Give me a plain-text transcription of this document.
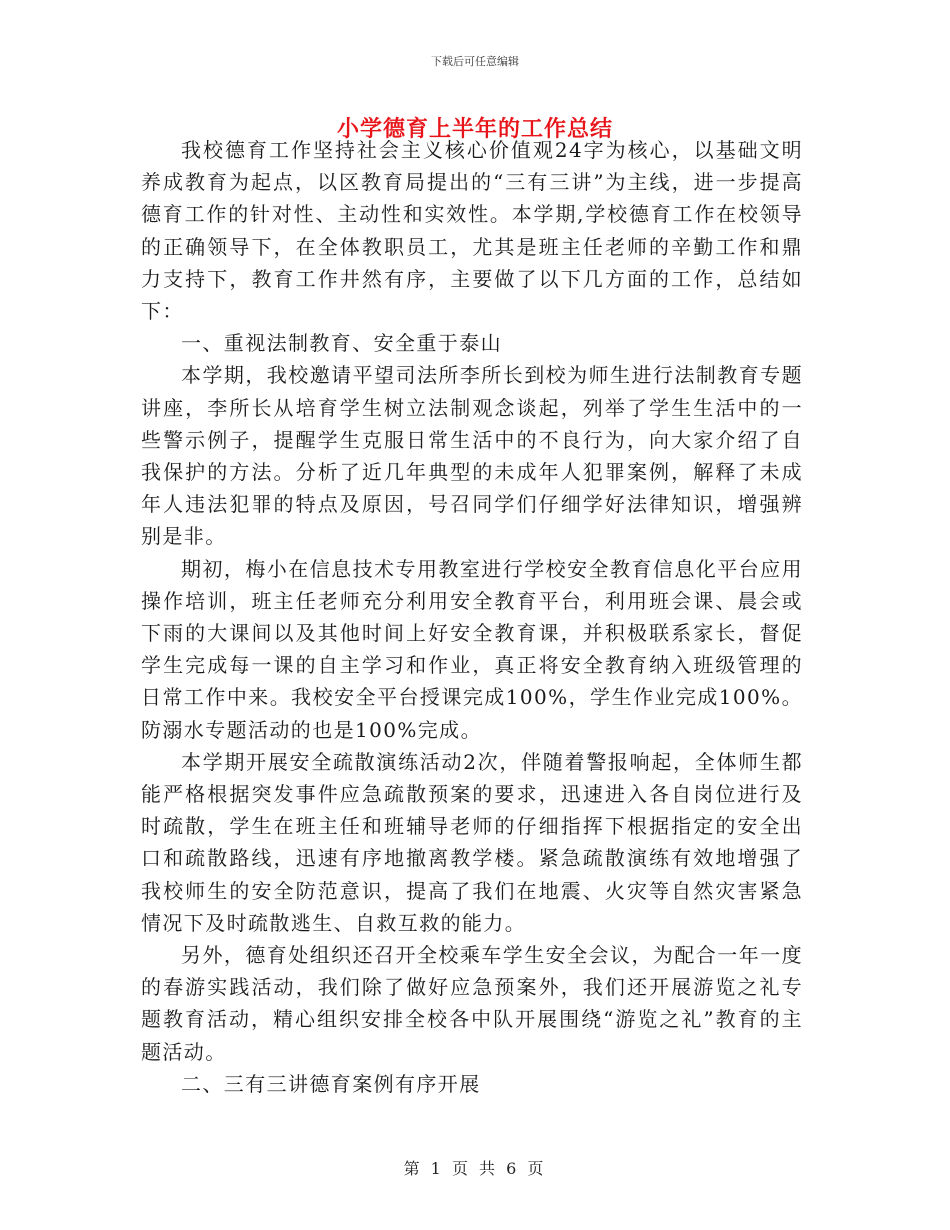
下载后可任意编辑
小学德育上半年的工作总结

我校德育工作坚持社会主义核心价值观24字为核心，以基础文明养成教育为起点，以区教育局提出的“三有三讲”为主线，进一步提高德育工作的针对性、主动性和实效性。本学期,学校德育工作在校领导的正确领导下，在全体教职员工，尤其是班主任老师的辛勤工作和鼎力支持下，教育工作井然有序，主要做了以下几方面的工作，总结如下：

一、重视法制教育、安全重于泰山

本学期，我校邀请平望司法所李所长到校为师生进行法制教育专题讲座，李所长从培育学生树立法制观念谈起，列举了学生生活中的一些警示例子，提醒学生克服日常生活中的不良行为，向大家介绍了自我保护的方法。分析了近几年典型的未成年人犯罪案例，解释了未成年人违法犯罪的特点及原因，号召同学们仔细学好法律知识，增强辨别是非。

期初，梅小在信息技术专用教室进行学校安全教育信息化平台应用操作培训，班主任老师充分利用安全教育平台，利用班会课、晨会或下雨的大课间以及其他时间上好安全教育课，并积极联系家长，督促学生完成每一课的自主学习和作业，真正将安全教育纳入班级管理的日常工作中来。我校安全平台授课完成100%，学生作业完成100%。防溺水专题活动的也是100%完成。

本学期开展安全疏散演练活动2次，伴随着警报响起，全体师生都能严格根据突发事件应急疏散预案的要求，迅速进入各自岗位进行及时疏散，学生在班主任和班辅导老师的仔细指挥下根据指定的安全出口和疏散路线，迅速有序地撤离教学楼。紧急疏散演练有效地增强了我校师生的安全防范意识，提高了我们在地震、火灾等自然灾害紧急情况下及时疏散逃生、自救互救的能力。

另外，德育处组织还召开全校乘车学生安全会议，为配合一年一度的春游实践活动，我们除了做好应急预案外，我们还开展游览之礼专题教育活动，精心组织安排全校各中队开展围绕“游览之礼”教育的主题活动。

二、三有三讲德育案例有序开展

第 1 页 共 6 页
